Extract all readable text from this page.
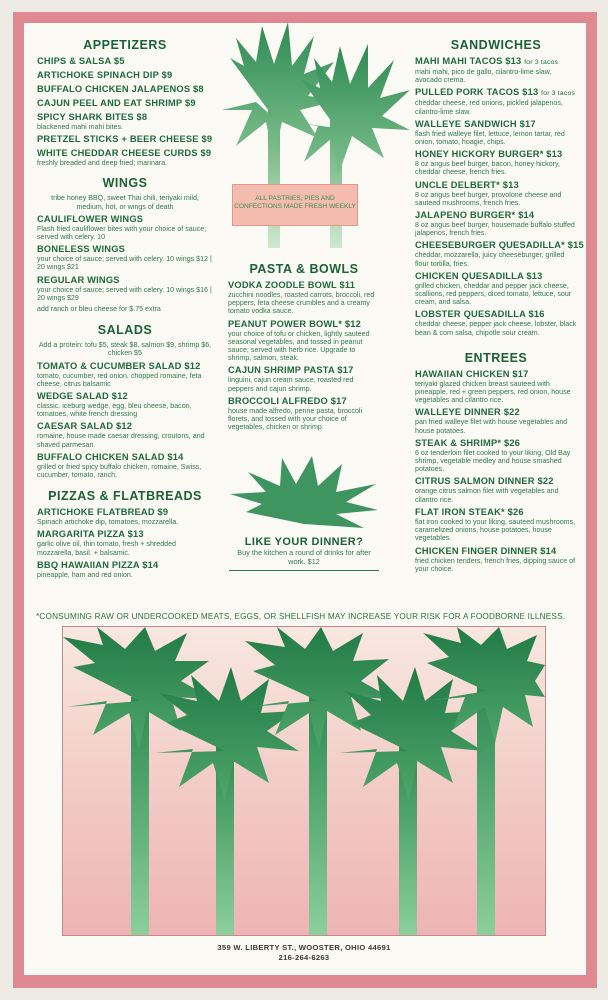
ALL PASTRIES, PIES AND CONFECTIONS MADE FRESH WEEKLY
APPETIZERS
CHIPS & SALSA $5
ARTICHOKE SPINACH DIP $9
BUFFALO CHICKEN JALAPENOS $8
CAJUN PEEL AND EAT SHRIMP $9
SPICY SHARK BITES $8
blackened mahi mahi bites.
PRETZEL STICKS + BEER CHEESE $9
WHITE CHEDDAR CHEESE CURDS $9
freshly breaded and deep fried; marinara.
WINGS
tribe honey BBQ, sweet Thai chili, teriyaki mild, medium, hot, or wings of death
CAULIFLOWER WINGS
Flash fried cauliflower bites with your choice of sauce; served with celery. 10
BONELESS WINGS
your choice of sauce; served with celery. 10 wings $12 | 20 wings $21
REGULAR WINGS
your choice of sauce; served with celery. 10 wings $16 | 20 wings $29
add ranch or bleu cheese for $.75 extra
SALADS
Add a protein: tofu $5, steak $8, salmon $9, shrimp $6, chicken $5
TOMATO & CUCUMBER SALAD $12
tomato, cucumber, red onion, chopped romaine, feta cheese, citrus balsamic
WEDGE SALAD $12
classic. iceburg wedge, egg, bleu cheese, bacon, tomatoes, white french dressing
CAESAR SALAD $12
romaine, house made caesar dressing, croutons, and shaved parmesan.
BUFFALO CHICKEN SALAD $14
grilled or fried spicy buffalo chicken, romaine, Swiss, cucumber, tomato, ranch.
PIZZAS & FLATBREADS
ARTICHOKE FLATBREAD $9
Spinach artichoke dip, tomatoes, mozzarella.
MARGARITA PIZZA $13
garlic olive oil, thin tomato, fresh + shredded mozzarella, basil. + balsamic.
BBQ HAWAIIAN PIZZA $14
pineapple, ham and red onion.
PASTA & BOWLS
VODKA ZOODLE BOWL $11
zucchini noodles, roasted carrots, broccoli, red peppers, feta cheese crumbles and a creamy tomato vodka sauce.
PEANUT POWER BOWL* $12
your choice of tofu or chicken, lightly sauteed seasonal vegetables, and tossed in peanut sauce; served with herb rice. Upgrade to shrimp, salmon, steak.
CAJUN SHRIMP PASTA $17
linguini, cajun cream sauce, roasted red peppers and cajun shrimp.
BROCCOLI ALFREDO $17
house made alfredo, penne pasta, broccoli florets, and tossed with your choice of vegetables, chicken or shrimp.
LIKE YOUR DINNER?
Buy the kitchen a round of drinks for after work. $12
SANDWICHES
MAHI MAHI TACOS $13 for 3 tacos
mahi mahi, pico de gallo, cilantro-lime slaw, avocado crema.
PULLED PORK TACOS $13 for 3 tacos
cheddar cheese, red onions, pickled jalapenos, cilantro-lime slaw.
WALLEYE SANDWICH $17
flash fried walleye filet, lettuce, lemon tartar, red onion, tomato, hoagie, chips.
HONEY HICKORY BURGER* $13
8 oz angus beef burger, bacon, honey hickory, cheddar cheese, french fries.
UNCLE DELBERT* $13
8 oz angus beef burger, provolone cheese and sauteed mushrooms, french fries.
JALAPENO BURGER* $14
8 oz angus beef burger, housemade buffalo stuffed jalapenos, french fries.
CHEESEBURGER QUESADILLA* $15
cheddar, mozzarella, juicy cheeseburger, grilled flour tortilla, fries.
CHICKEN QUESADILLA $13
grilled chicken, cheddar and pepper jack cheese, scallions, red peppers, diced tomato, lettuce, sour cream, and salsa.
LOBSTER QUESADILLA $16
cheddar cheese, pepper jack cheese, lobster, black bean & corn salsa, chipotle sour cream.
ENTREES
HAWAIIAN CHICKEN $17
teriyaki glazed chicken breast sauteed with pineapple, red + green peppers, red onion, house vegetables and cilantro rice.
WALLEYE DINNER $22
pan fried walleye filet with house vegetables and house potatoes.
STEAK & SHRIMP* $26
6 oz tenderloin filet cooked to your liking, Old Bay shrimp, vegetable medley and house smashed potatoes.
CITRUS SALMON DINNER $22
orange citrus salmon filet with vegetables and cilantro rice.
FLAT IRON STEAK* $26
flat iron cooked to your liking, sauteed mushrooms, caramelized onions, house potatoes, house vegetables.
CHICKEN FINGER DINNER $14
fried chicken tenders, french fries, dipping sauce of your choice.
*CONSUMING RAW OR UNDERCOOKED MEATS, EGGS, OR SHELLFISH MAY INCREASE YOUR RISK FOR A FOODBORNE ILLNESS.
359 W. LIBERTY ST., WOOSTER, OHIO 44691
216-264-6263
